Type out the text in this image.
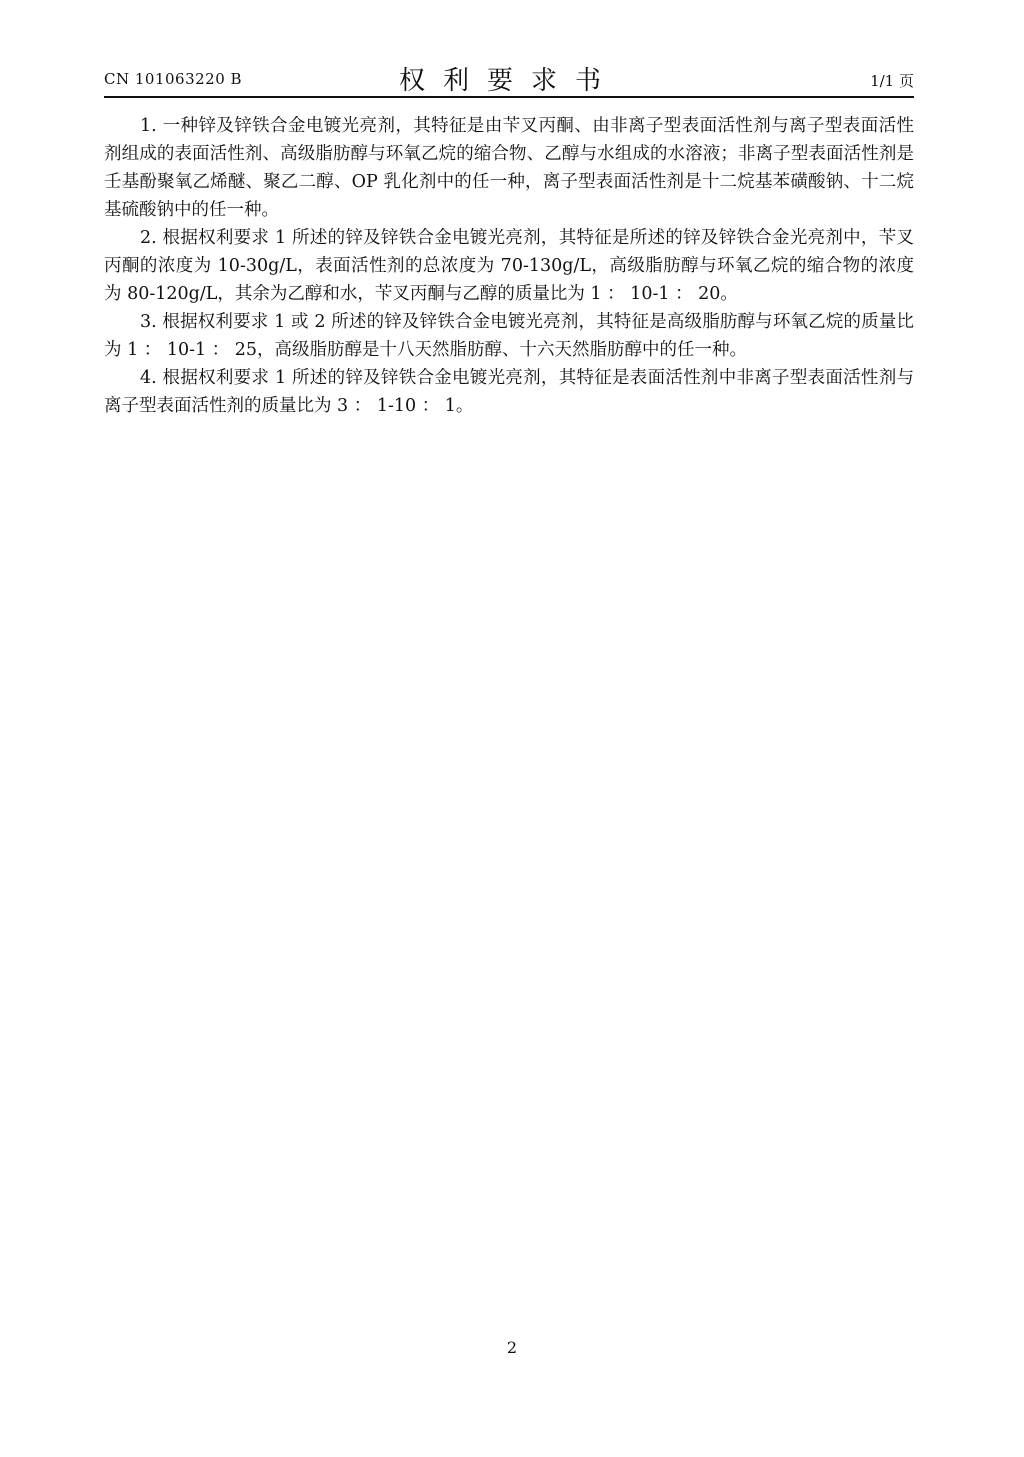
CN 101063220 B	权利要求书	1/1 页

1. 一种锌及锌铁合金电镀光亮剂，其特征是由苄叉丙酮、由非离子型表面活性剂与离子型表面活性剂组成的表面活性剂、高级脂肪醇与环氧乙烷的缩合物、乙醇与水组成的水溶液；非离子型表面活性剂是壬基酚聚氧乙烯醚、聚乙二醇、OP 乳化剂中的任一种，离子型表面活性剂是十二烷基苯磺酸钠、十二烷基硫酸钠中的任一种。

2. 根据权利要求 1 所述的锌及锌铁合金电镀光亮剂，其特征是所述的锌及锌铁合金光亮剂中，苄叉丙酮的浓度为 10-30g/L，表面活性剂的总浓度为 70-130g/L，高级脂肪醇与环氧乙烷的缩合物的浓度为 80-120g/L，其余为乙醇和水，苄叉丙酮与乙醇的质量比为 1 ： 10-1 ： 20。

3. 根据权利要求 1 或 2 所述的锌及锌铁合金电镀光亮剂，其特征是高级脂肪醇与环氧乙烷的质量比为 1 ： 10-1 ： 25，高级脂肪醇是十八天然脂肪醇、十六天然脂肪醇中的任一种。

4. 根据权利要求 1 所述的锌及锌铁合金电镀光亮剂，其特征是表面活性剂中非离子型表面活性剂与离子型表面活性剂的质量比为 3 ： 1-10 ： 1。

2
